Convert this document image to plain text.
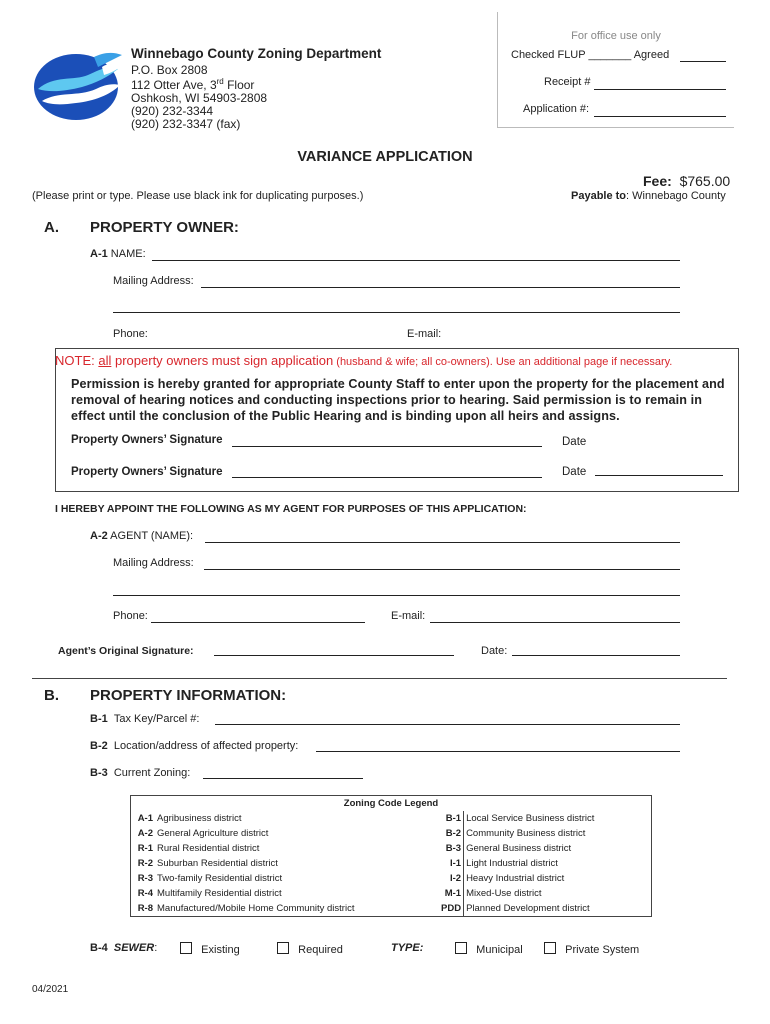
Winnebago County Zoning Department
P.O. Box 2808
112 Otter Ave, 3rd Floor
Oshkosh, WI 54903-2808
(920) 232-3344
(920) 232-3347 (fax)
For office use only
Checked FLUP _______ Agreed
Receipt #
Application #:
VARIANCE APPLICATION
(Please print or type. Please use black ink for duplicating purposes.)
Fee: $765.00
Payable to: Winnebago County
A. PROPERTY OWNER:
A-1 NAME:
Mailing Address:
Phone:	E-mail:
NOTE: all property owners must sign application (husband & wife; all co-owners). Use an additional page if necessary.
Permission is hereby granted for appropriate County Staff to enter upon the property for the placement and removal of hearing notices and conducting inspections prior to hearing. Said permission is to remain in effect until the conclusion of the Public Hearing and is binding upon all heirs and assigns.
Property Owners’ Signature	Date
Property Owners’ Signature	Date
I HEREBY APPOINT THE FOLLOWING AS MY AGENT FOR PURPOSES OF THIS APPLICATION:
A-2 AGENT (NAME):
Mailing Address:
Phone:	E-mail:
Agent’s Original Signature:	Date:
B. PROPERTY INFORMATION:
B-1 Tax Key/Parcel #:
B-2 Location/address of affected property:
B-3 Current Zoning:
Zoning Code Legend			
A-1	Agribusiness district	B-1	Local Service Business district
A-2	General Agriculture district	B-2	Community Business district
R-1	Rural Residential district	B-3	General Business district
R-2	Suburban Residential district	I-1	Light Industrial district
R-3	Two-family Residential district	I-2	Heavy Industrial district
R-4	Multifamily Residential district	M-1	Mixed-Use district
R-8	Manufactured/Mobile Home Community district	PDD	Planned Development district
B-4 SEWER:	Existing	Required	TYPE:	Municipal	Private System
04/2021
